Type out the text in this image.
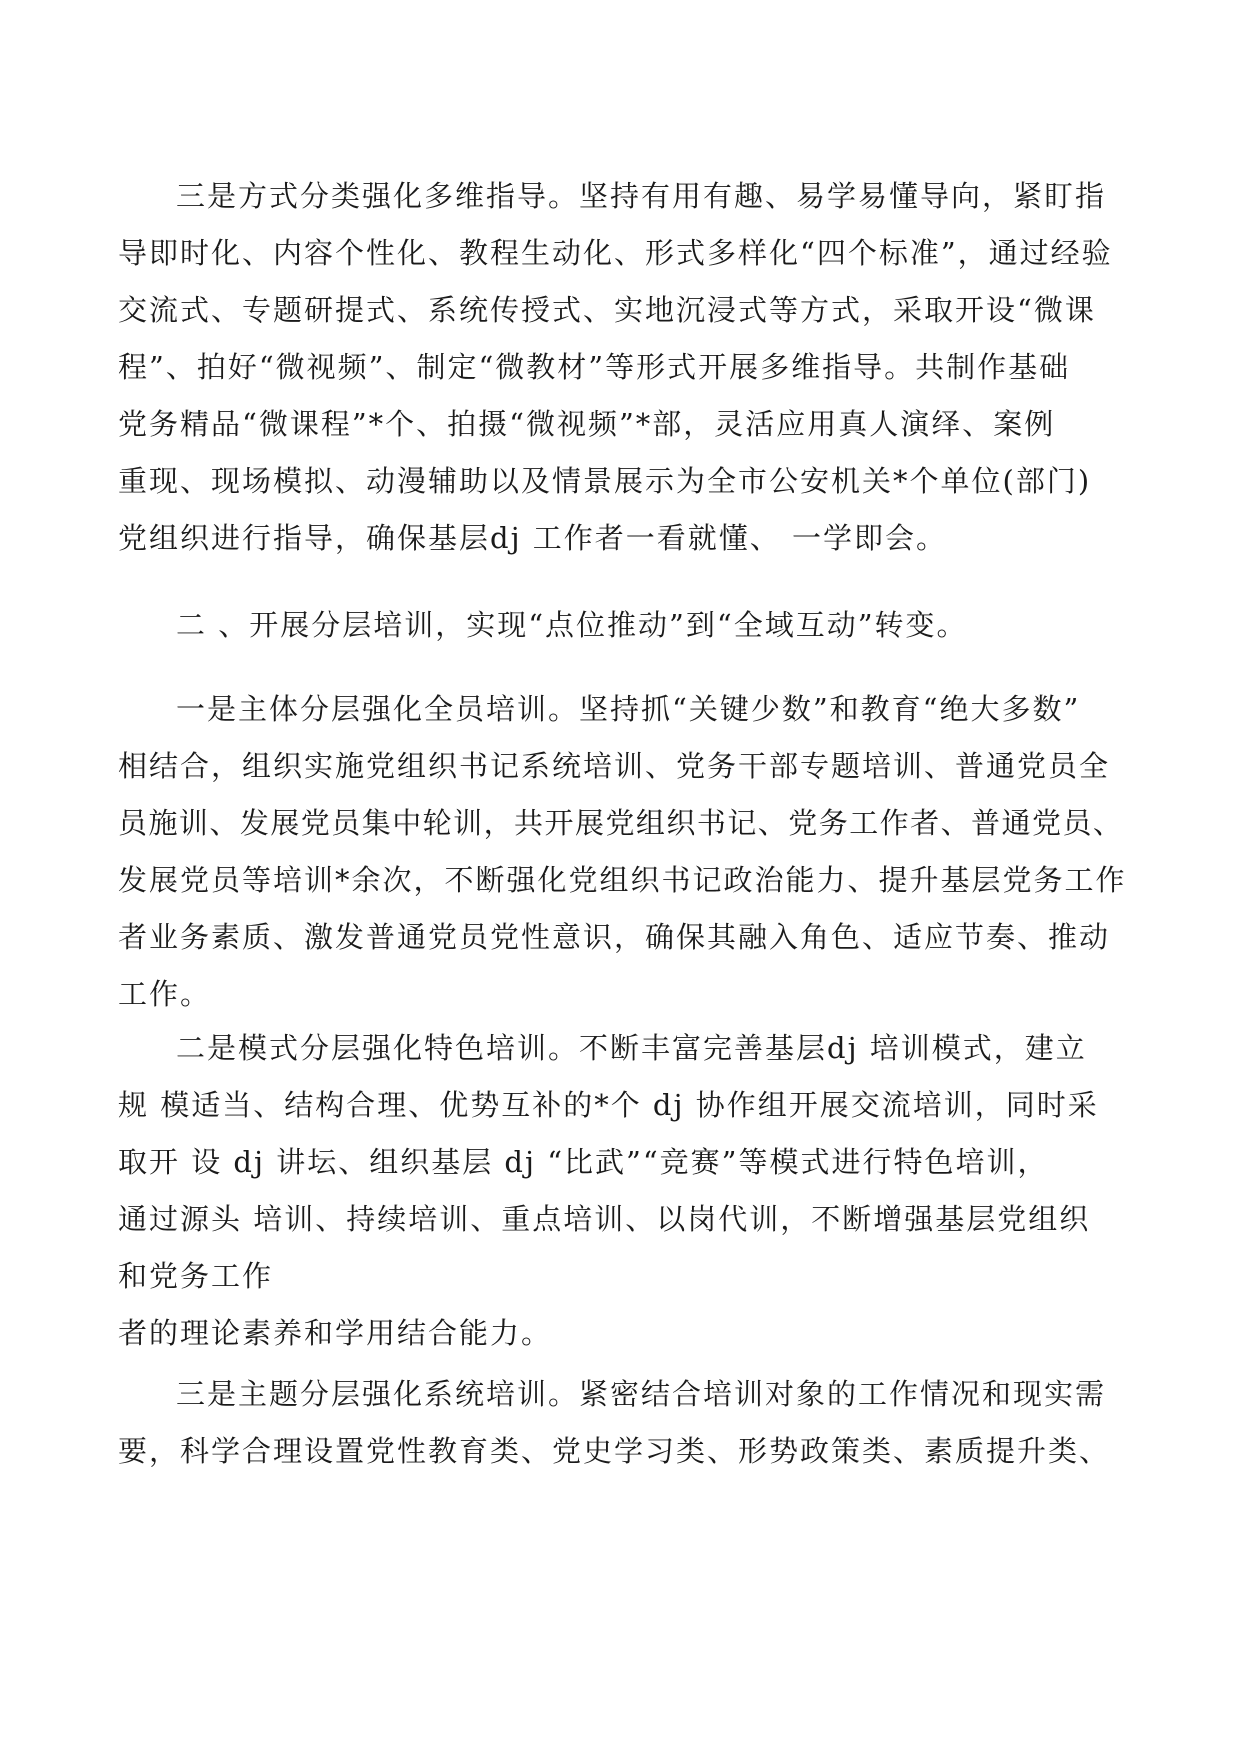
三是方式分类强化多维指导。坚持有用有趣、易学易懂导向，紧盯指
导即时化、内容个性化、教程生动化、形式多样化“四个标准”，通过经验
交流式、专题研提式、系统传授式、实地沉浸式等方式，采取开设“微课
程”、拍好“微视频”、制定“微教材”等形式开展多维指导。共制作基础
党务精品“微课程”*个、拍摄“微视频”*部，灵活应用真人演绎、案例
重现、现场模拟、动漫辅助以及情景展示为全市公安机关*个单位(部门)
党组织进行指导，确保基层dj 工作者一看就懂、 一学即会。
二 、开展分层培训，实现“点位推动”到“全域互动”转变。
一是主体分层强化全员培训。坚持抓“关键少数”和教育“绝大多数”
相结合，组织实施党组织书记系统培训、党务干部专题培训、普通党员全
员施训、发展党员集中轮训，共开展党组织书记、党务工作者、普通党员、
发展党员等培训*余次，不断强化党组织书记政治能力、提升基层党务工作
者业务素质、激发普通党员党性意识，确保其融入角色、适应节奏、推动
工作。
二是模式分层强化特色培训。不断丰富完善基层dj 培训模式，建立
规 模适当、结构合理、优势互补的*个 dj 协作组开展交流培训，同时采
取开 设 dj 讲坛、组织基层 dj “比武”“竞赛”等模式进行特色培训，
通过源头 培训、持续培训、重点培训、以岗代训，不断增强基层党组织
和党务工作
者的理论素养和学用结合能力。
三是主题分层强化系统培训。紧密结合培训对象的工作情况和现实需
要，科学合理设置党性教育类、党史学习类、形势政策类、素质提升类、
